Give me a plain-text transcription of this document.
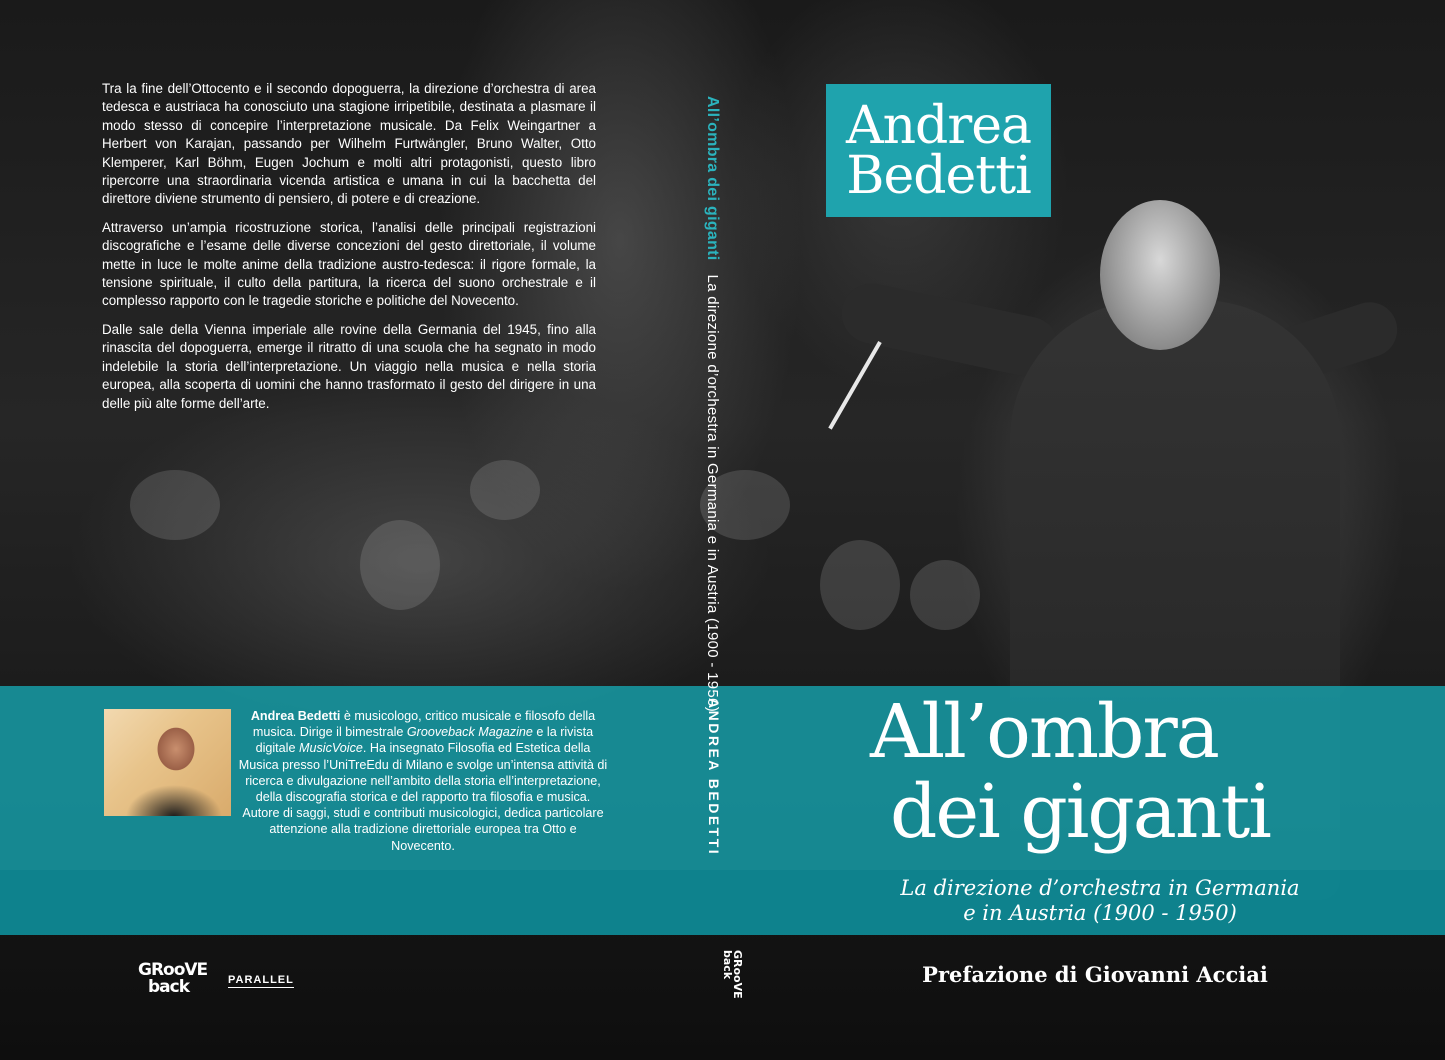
Tra la fine dell’Ottocento e il secondo dopoguerra, la direzione d’orchestra di area tedesca e austriaca ha conosciuto una stagione irripetibile, destinata a plasmare il modo stesso di concepire l’interpretazione musicale. Da Felix Weingartner a Herbert von Karajan, passando per Wilhelm Furtwängler, Bruno Walter, Otto Klemperer, Karl Böhm, Eugen Jochum e molti altri protagonisti, questo libro ripercorre una straordinaria vicenda artistica e umana in cui la bacchetta del direttore diviene strumento di pensiero, di potere e di creazione.

Attraverso un’ampia ricostruzione storica, l’analisi delle principali registrazioni discografiche e l’esame delle diverse concezioni del gesto direttoriale, il volume mette in luce le molte anime della tradizione austro-tedesca: il rigore formale, la tensione spirituale, il culto della partitura, la ricerca del suono orchestrale e il complesso rapporto con le tragedie storiche e politiche del Novecento.

Dalle sale della Vienna imperiale alle rovine della Germania del 1945, fino alla rinascita del dopoguerra, emerge il ritratto di una scuola che ha segnato in modo indelebile la storia dell’interpretazione. Un viaggio nella musica e nella storia europea, alla scoperta di uomini che hanno trasformato il gesto del dirigere in una delle più alte forme dell’arte.

Andrea
Bedetti
All’ombra dei gigantiLa direzione d’orchestra in Germania e in Austria (1900 - 1950)
ANDREA BEDETTI
GRooVE
back
Andrea Bedetti è musicologo, critico musicale e filosofo della musica. Dirige il bimestrale Grooveback Magazine e la rivista digitale MusicVoice. Ha insegnato Filosofia ed Estetica della Musica presso l’UniTreEdu di Milano e svolge un’intensa attività di ricerca e divulgazione nell’ambito della storia ell’interpretazione, della discografia storica e del rapporto tra filosofia e musica. Autore di saggi, studi e contributi musicologici, dedica particolare attenzione alla tradizione direttoriale europea tra Otto e Novecento.
All’ombra
dei giganti
La direzione d’orchestra in Germania
e in Austria (1900 - 1950)
Prefazione di Giovanni Acciai
GRooVE
back	PARALLEL
